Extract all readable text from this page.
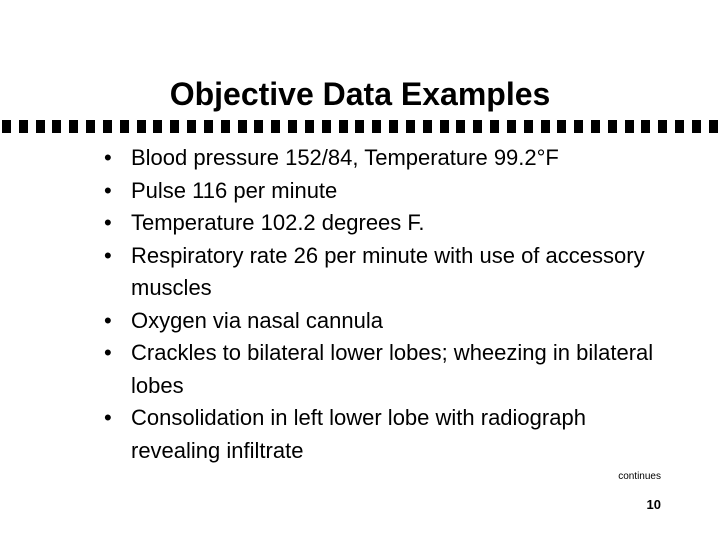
Objective Data Examples
• Blood pressure 152/84, Temperature 99.2°F
• Pulse 116 per minute
• Temperature 102.2 degrees F.
• Respiratory rate 26 per minute with use of accessory muscles
• Oxygen via nasal cannula
• Crackles to bilateral lower lobes; wheezing in bilateral lobes
• Consolidation in left lower lobe with radiograph revealing infiltrate
continues
10
